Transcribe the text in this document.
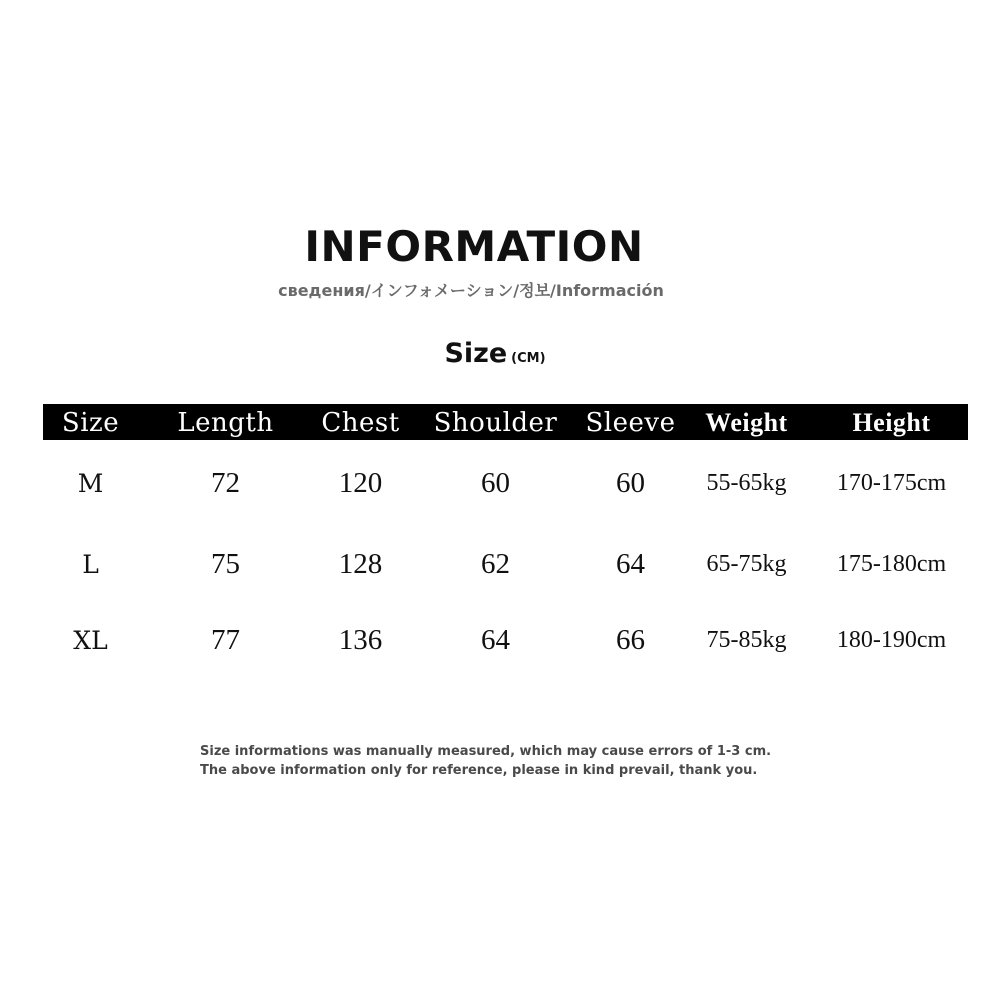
INFORMATION
сведения/インフォメーション/정보/Información
Size (CM)
Size	Length	Chest	Shoulder	Sleeve	Weight	Height
M	72	120	60	60	55-65kg	170-175cm
L	75	128	62	64	65-75kg	175-180cm
XL	77	136	64	66	75-85kg	180-190cm
Size informations was manually measured, which may cause errors of 1-3 cm.
The above information only for reference, please in kind prevail, thank you.
